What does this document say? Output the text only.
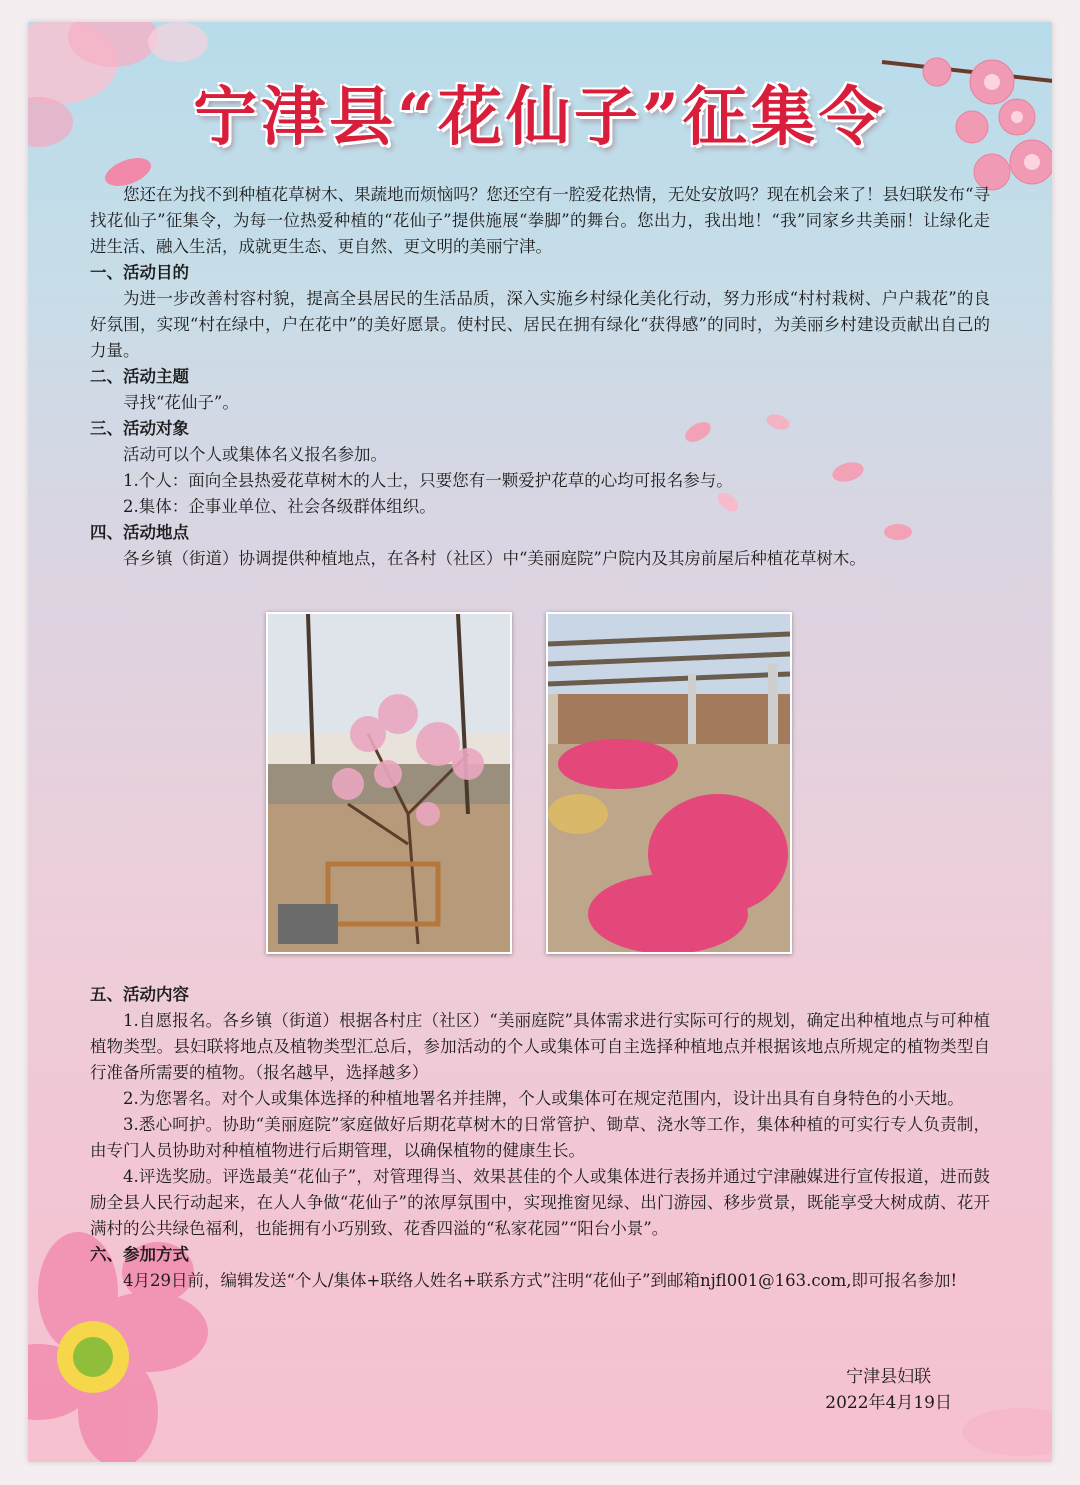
宁津县“花仙子”征集令

您还在为找不到种植花草树木、果蔬地而烦恼吗？您还空有一腔爱花热情，无处安放吗？现在机会来了！县妇联发布“寻找花仙子”征集令，为每一位热爱种植的“花仙子”提供施展“拳脚”的舞台。您出力，我出地！“我”同家乡共美丽！让绿化走进生活、融入生活，成就更生态、更自然、更文明的美丽宁津。

一、活动目的

为进一步改善村容村貌，提高全县居民的生活品质，深入实施乡村绿化美化行动，努力形成“村村栽树、户户栽花”的良好氛围，实现“村在绿中，户在花中”的美好愿景。使村民、居民在拥有绿化“获得感”的同时，为美丽乡村建设贡献出自己的力量。

二、活动主题

寻找“花仙子”。

三、活动对象

活动可以个人或集体名义报名参加。

1.个人：面向全县热爱花草树木的人士，只要您有一颗爱护花草的心均可报名参与。

2.集体：企事业单位、社会各级群体组织。

四、活动地点

各乡镇（街道）协调提供种植地点，在各村（社区）中“美丽庭院”户院内及其房前屋后种植花草树木。

五、活动内容

1.自愿报名。各乡镇（街道）根据各村庄（社区）“美丽庭院”具体需求进行实际可行的规划，确定出种植地点与可种植植物类型。县妇联将地点及植物类型汇总后，参加活动的个人或集体可自主选择种植地点并根据该地点所规定的植物类型自行准备所需要的植物。（报名越早，选择越多）

2.为您署名。对个人或集体选择的种植地署名并挂牌，个人或集体可在规定范围内，设计出具有自身特色的小天地。

3.悉心呵护。协助“美丽庭院”家庭做好后期花草树木的日常管护、锄草、浇水等工作，集体种植的可实行专人负责制，由专门人员协助对种植植物进行后期管理，以确保植物的健康生长。

4.评选奖励。评选最美“花仙子”，对管理得当、效果甚佳的个人或集体进行表扬并通过宁津融媒进行宣传报道，进而鼓励全县人民行动起来，在人人争做“花仙子”的浓厚氛围中，实现推窗见绿、出门游园、移步赏景，既能享受大树成荫、花开满村的公共绿色福利，也能拥有小巧别致、花香四溢的“私家花园”“阳台小景”。

六、参加方式

4月29日前，编辑发送“个人/集体+联络人姓名+联系方式”注明“花仙子”到邮箱njfl001@163.com,即可报名参加!

宁津县妇联
2022年4月19日
